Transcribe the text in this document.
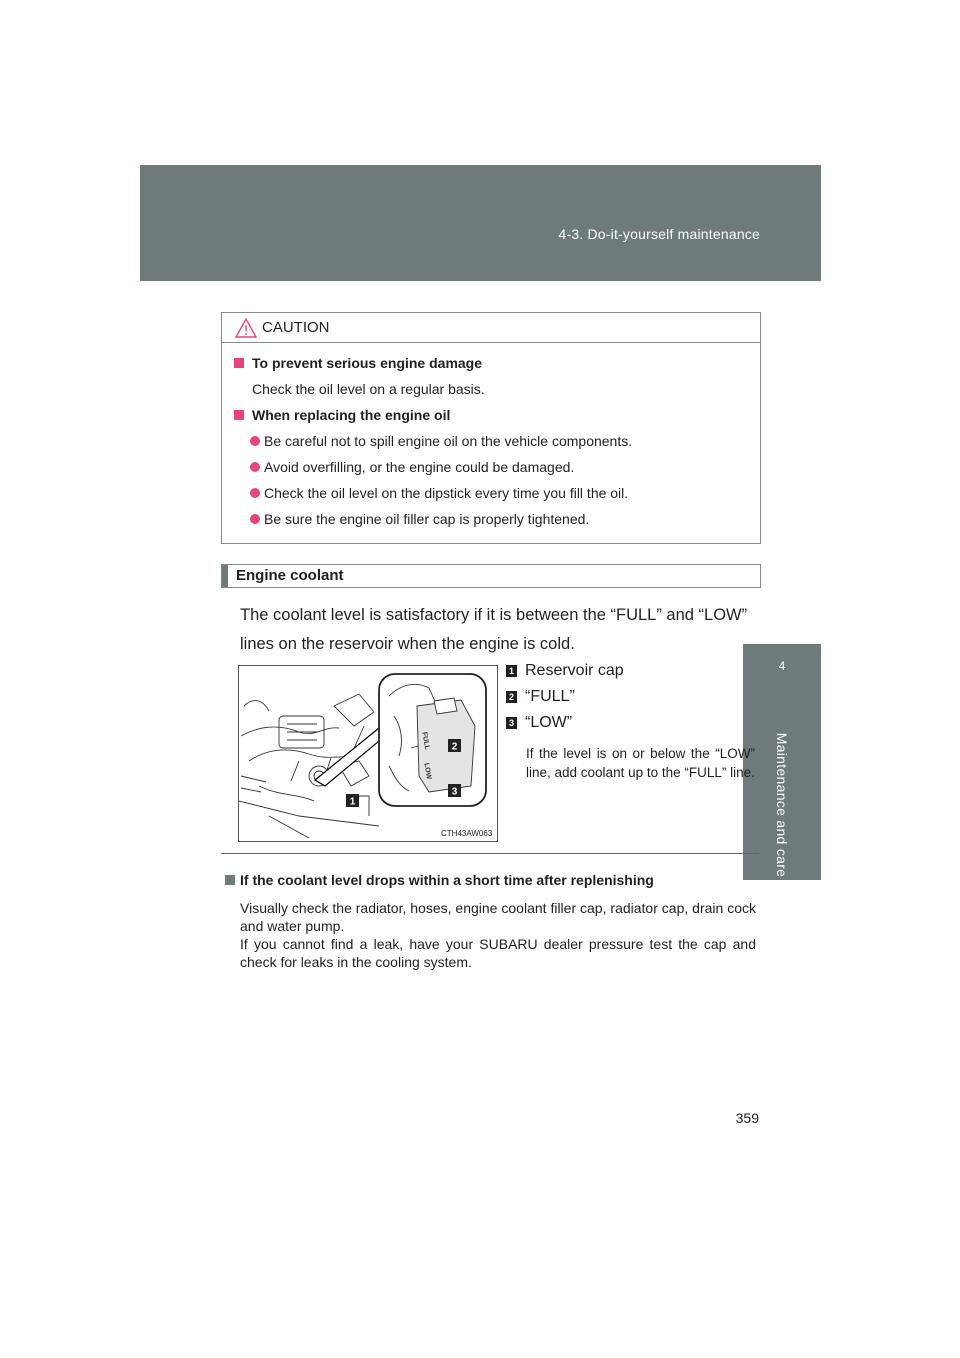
4-3. Do-it-yourself maintenance
4
Maintenance and care
CAUTION
To prevent serious engine damage
Check the oil level on a regular basis.
When replacing the engine oil
Be careful not to spill engine oil on the vehicle components.
Avoid overfilling, or the engine could be damaged.
Check the oil level on the dipstick every time you fill the oil.
Be sure the engine oil filler cap is properly tightened.
Engine coolant
The coolant level is satisfactory if it is between the “FULL” and “LOW” lines on the reservoir when the engine is cold.
FULL
LOW
1
2
3
CTH43AW063
1 Reservoir cap
2 “FULL”
3 “LOW”
If the level is on or below the “LOW” line, add coolant up to the “FULL” line.
If the coolant level drops within a short time after replenishing
Visually check the radiator, hoses, engine coolant filler cap, radiator cap, drain cock and water pump.
If you cannot find a leak, have your SUBARU dealer pressure test the cap and check for leaks in the cooling system.
359
